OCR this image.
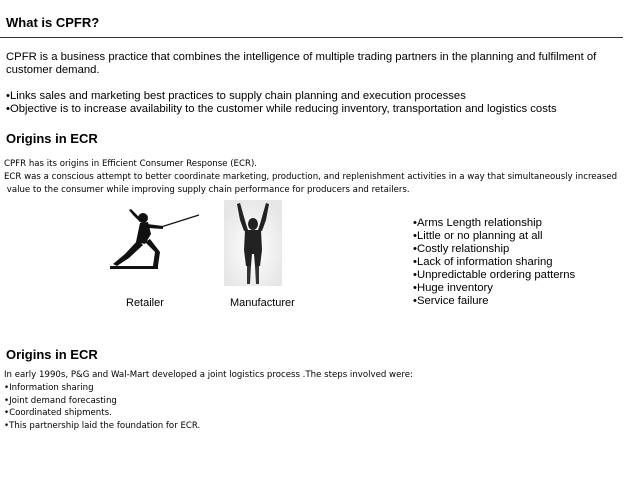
What is CPFR?
CPFR is a business practice that combines the intelligence of multiple trading partners in the planning and fulfilment of customer demand.
•Links sales and marketing best practices to supply chain planning and execution processes
•Objective is to increase availability to the customer while reducing inventory, transportation and logistics costs
Origins in ECR
CPFR has its origins in Efficient Consumer Response (ECR).
ECR was a conscious attempt to better coordinate marketing, production, and replenishment activities in a way that simultaneously increased
value to the consumer while improving supply chain performance for producers and retailers.
Retailer	Manufacturer
•Arms Length relationship
•Little or no planning at all
•Costly relationship
•Lack of information sharing
•Unpredictable ordering patterns
•Huge inventory
•Service failure
Origins in ECR
In early 1990s, P&G and Wal-Mart developed a joint logistics process .The steps involved were:
•Information sharing
•Joint demand forecasting
•Coordinated shipments.
•This partnership laid the foundation for ECR.
